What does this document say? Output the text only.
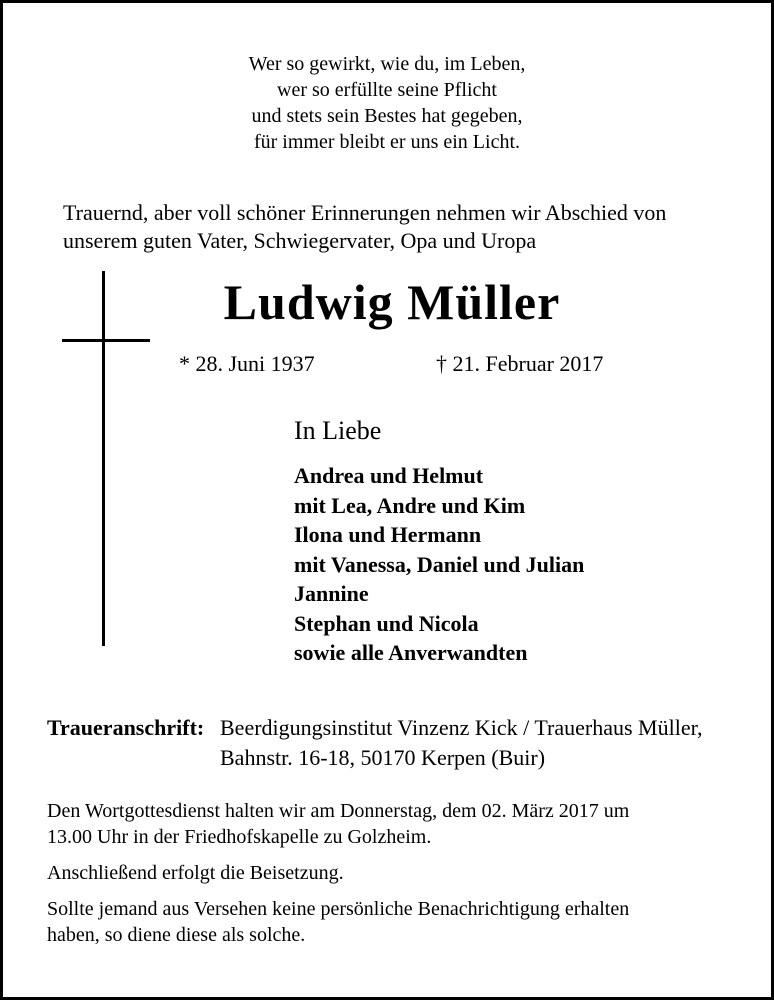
Wer so gewirkt, wie du, im Leben,
wer so erfüllte seine Pflicht
und stets sein Bestes hat gegeben,
für immer bleibt er uns ein Licht.
Trauernd, aber voll schöner Erinnerungen nehmen wir Abschied von
unserem guten Vater, Schwiegervater, Opa und Uropa
Ludwig Müller
* 28. Juni 1937	† 21. Februar 2017
In Liebe
Andrea und Helmut
mit Lea, Andre und Kim
Ilona und Hermann
mit Vanessa, Daniel und Julian
Jannine
Stephan und Nicola
sowie alle Anverwandten
Traueranschrift: Beerdigungsinstitut Vinzenz Kick / Trauerhaus Müller,
Bahnstr. 16-18, 50170 Kerpen (Buir)
Den Wortgottesdienst halten wir am Donnerstag, dem 02. März 2017 um
13.00 Uhr in der Friedhofskapelle zu Golzheim.
Anschließend erfolgt die Beisetzung.
Sollte jemand aus Versehen keine persönliche Benachrichtigung erhalten
haben, so diene diese als solche.
